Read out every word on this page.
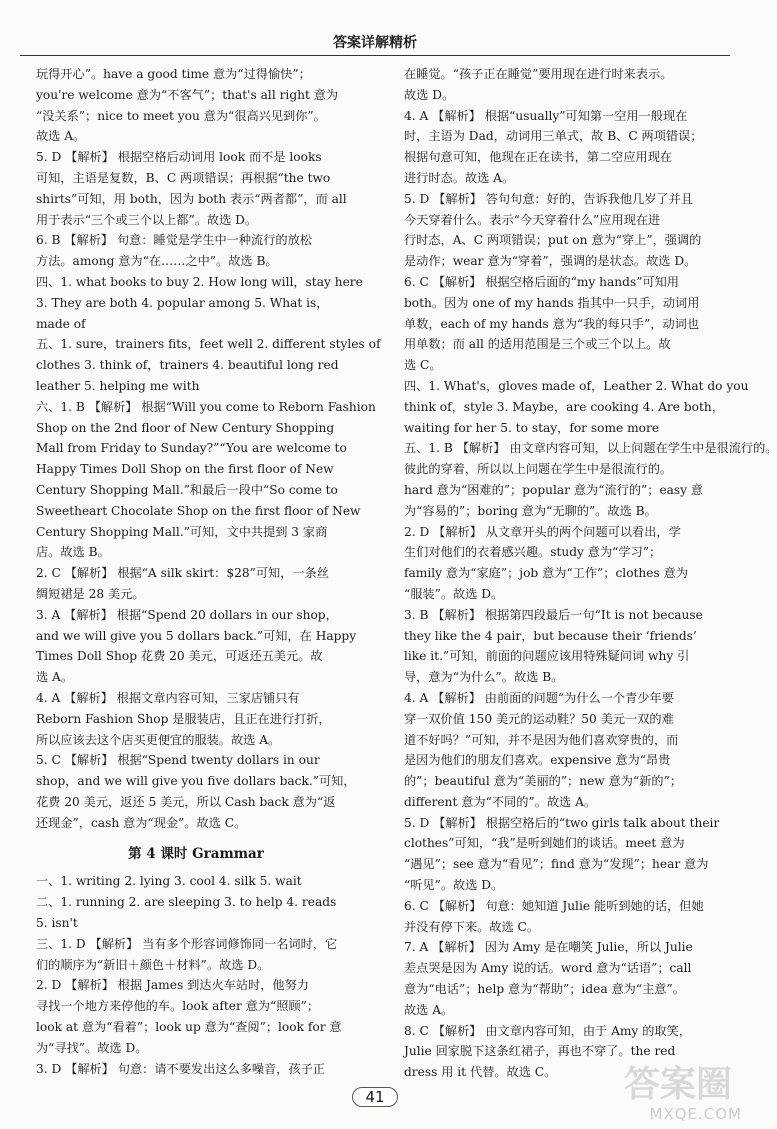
答案详解精析
玩得开心”。have a good time 意为“过得愉快”；
you're welcome 意为“不客气”；that's all right 意为
“没关系”；nice to meet you 意为“很高兴见到你”。
故选 A。
5. D 【解析】 根据空格后动词用 look 而不是 looks
可知，主语是复数，B、C 两项错误；再根据“the two
shirts”可知，用 both，因为 both 表示“两者都”，而 all
用于表示“三个或三个以上都”。故选 D。
6. B 【解析】 句意：睡觉是学生中一种流行的放松
方法。among 意为“在……之中”。故选 B。
四、1. what books to buy 2. How long will，stay here
3. They are both 4. popular among 5. What is，
made of
五、1. sure，trainers fits，feet well 2. different styles of
clothes 3. think of，trainers 4. beautiful long red
leather 5. helping me with
六、1. B 【解析】 根据“Will you come to Reborn Fashion
Shop on the 2nd floor of New Century Shopping
Mall from Friday to Sunday?”“You are welcome to
Happy Times Doll Shop on the first floor of New
Century Shopping Mall.”和最后一段中“So come to
Sweetheart Chocolate Shop on the first floor of New
Century Shopping Mall.”可知，文中共提到 3 家商
店。故选 B。
2. C 【解析】 根据“A silk skirt：$28”可知，一条丝
绸短裙是 28 美元。
3. A 【解析】 根据“Spend 20 dollars in our shop，
and we will give you 5 dollars back.”可知，在 Happy
Times Doll Shop 花费 20 美元，可返还五美元。故
选 A。
4. A 【解析】 根据文章内容可知，三家店铺只有
Reborn Fashion Shop 是服装店，且正在进行打折，
所以应该去这个店买更便宜的服装。故选 A。
5. C 【解析】 根据“Spend twenty dollars in our
shop，and we will give you five dollars back.”可知，
花费 20 美元，返还 5 美元，所以 Cash back 意为“返
还现金”，cash 意为“现金”。故选 C。
第 4 课时 Grammar
一、1. writing 2. lying 3. cool 4. silk 5. wait
二、1. running 2. are sleeping 3. to help 4. reads
5. isn't
三、1. D 【解析】 当有多个形容词修饰同一名词时，它
们的顺序为“新旧＋颜色＋材料”。故选 D。
2. D 【解析】 根据 James 到达火车站时，他努力
寻找一个地方来停他的车。look after 意为“照顾”；
look at 意为“看着”；look up 意为“查阅”；look for 意
为“寻找”。故选 D。
3. D 【解析】 句意：请不要发出这么多噪音，孩子正
在睡觉。“孩子正在睡觉”要用现在进行时来表示。
故选 D。
4. A 【解析】 根据“usually”可知第一空用一般现在
时，主语为 Dad，动词用三单式，故 B、C 两项错误；
根据句意可知，他现在正在读书，第二空应用现在
进行时态。故选 A。
5. D 【解析】 答句句意：好的，告诉我他几岁了并且
今天穿着什么。表示“今天穿着什么”应用现在进
行时态，A、C 两项错误；put on 意为“穿上”，强调的
是动作；wear 意为“穿着”，强调的是状态。故选 D。
6. C 【解析】 根据空格后面的“my hands”可知用
both。因为 one of my hands 指其中一只手，动词用
单数，each of my hands 意为“我的每只手”，动词也
用单数；而 all 的适用范围是三个或三个以上。故
选 C。
四、1. What's，gloves made of，Leather 2. What do you
think of，style 3. Maybe，are cooking 4. Are both，
waiting for her 5. to stay，for some more
五、1. B 【解析】 由文章内容可知，以上问题在学生中是很流行的。
彼此的穿着，所以以上问题在学生中是很流行的。
hard 意为“困难的”；popular 意为“流行的”；easy 意
为“容易的”；boring 意为“无聊的”。故选 B。
2. D 【解析】 从文章开头的两个问题可以看出，学
生们对他们的衣着感兴趣。study 意为“学习”；
family 意为“家庭”；job 意为“工作”；clothes 意为
“服装”。故选 D。
3. B 【解析】 根据第四段最后一句“It is not because
they like the 4 pair，but because their ‘friends’
like it.”可知，前面的问题应该用特殊疑问词 why 引
导，意为“为什么”。故选 B。
4. A 【解析】 由前面的问题“为什么一个青少年要
穿一双价值 150 美元的运动鞋？50 美元一双的难
道不好吗？”可知，并不是因为他们喜欢穿贵的，而
是因为他们的朋友们喜欢。expensive 意为“昂贵
的”；beautiful 意为“美丽的”；new 意为“新的”；
different 意为“不同的”。故选 A。
5. D 【解析】 根据空格后的“two girls talk about their
clothes”可知，“我”是听到她们的谈话。meet 意为
“遇见”；see 意为“看见”；find 意为“发现”；hear 意为
“听见”。故选 D。
6. C 【解析】 句意：她知道 Julie 能听到她的话，但她
并没有停下来。故选 C。
7. A 【解析】 因为 Amy 是在嘲笑 Julie，所以 Julie
差点哭是因为 Amy 说的话。word 意为“话语”；call
意为“电话”；help 意为“帮助”；idea 意为“主意”。
故选 A。
8. C 【解析】 由文章内容可知，由于 Amy 的取笑，
Julie 回家脱下这条红裙子，再也不穿了。the red
dress 用 it 代替。故选 C。
41	答案圈
MXQE.COM
